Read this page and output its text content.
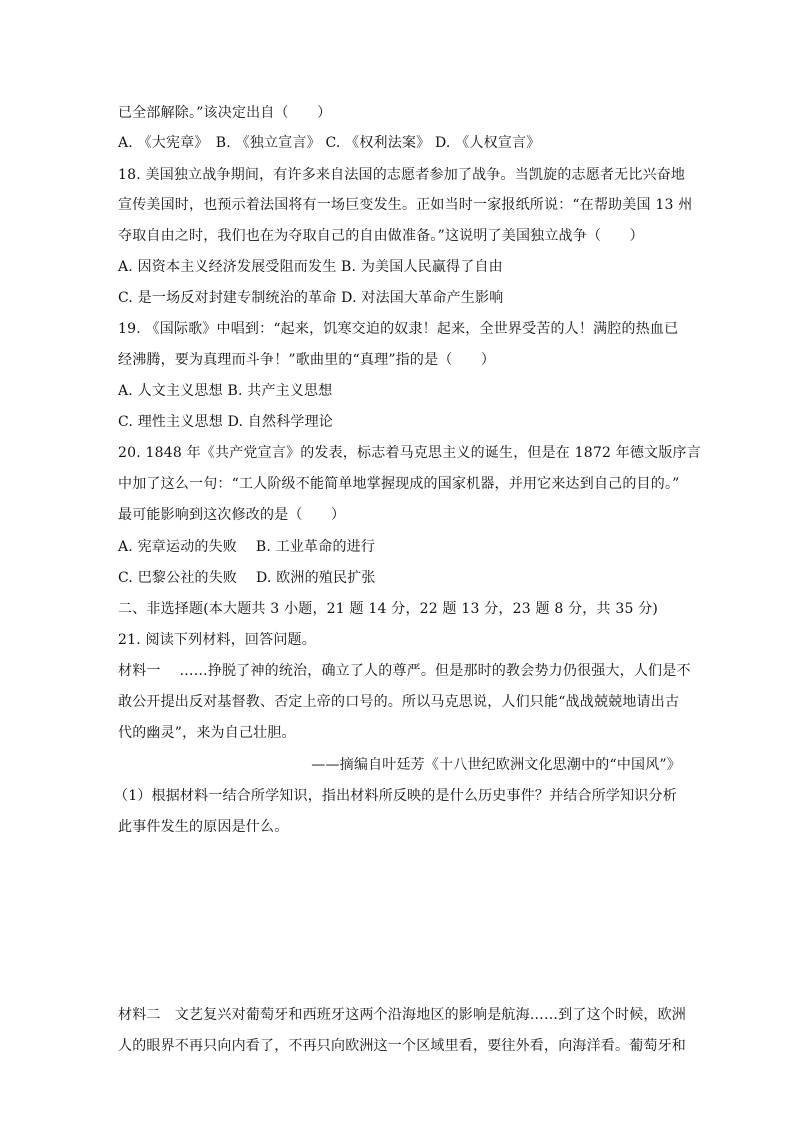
已全部解除。”该决定出自（　　）
A. 《大宪章》　B. 《独立宣言》 C. 《权利法案》 D. 《人权宣言》
18. 美国独立战争期间，有许多来自法国的志愿者参加了战争。当凯旋的志愿者无比兴奋地
宣传美国时，也预示着法国将有一场巨变发生。正如当时一家报纸所说：“在帮助美国 13 州
夺取自由之时，我们也在为夺取自己的自由做准备。”这说明了美国独立战争（　　）
A. 因资本主义经济发展受阻而发生 B. 为美国人民赢得了自由
C. 是一场反对封建专制统治的革命 D. 对法国大革命产生影响
19. 《国际歌》中唱到：“起来，饥寒交迫的奴隶！起来，全世界受苦的人！满腔的热血已
经沸腾，要为真理而斗争！”歌曲里的“真理”指的是（　　）
A. 人文主义思想 B. 共产主义思想
C. 理性主义思想 D. 自然科学理论
20. 1848 年《共产党宣言》的发表，标志着马克思主义的诞生，但是在 1872 年德文版序言
中加了这么一句：“工人阶级不能简单地掌握现成的国家机器，并用它来达到自己的目的。”
最可能影响到这次修改的是（　　）
A. 宪章运动的失败　 B. 工业革命的进行
C. 巴黎公社的失败　 D. 欧洲的殖民扩张
二、非选择题(本大题共 3 小题，21 题 14 分，22 题 13 分，23 题 8 分，共 35 分)
21. 阅读下列材料，回答问题。
材料一　 ……挣脱了神的统治，确立了人的尊严。但是那时的教会势力仍很强大，人们是不
敢公开提出反对基督教、否定上帝的口号的。所以马克思说，人们只能“战战兢兢地请出古
代的幽灵”，来为自己壮胆。
——摘编自叶廷芳《十八世纪欧洲文化思潮中的“中国风”》
（1）根据材料一结合所学知识，指出材料所反映的是什么历史事件？并结合所学知识分析
此事件发生的原因是什么。
材料二　文艺复兴对葡萄牙和西班牙这两个沿海地区的影响是航海……到了这个时候，欧洲
人的眼界不再只向内看了，不再只向欧洲这一个区域里看，要往外看，向海洋看。葡萄牙和
